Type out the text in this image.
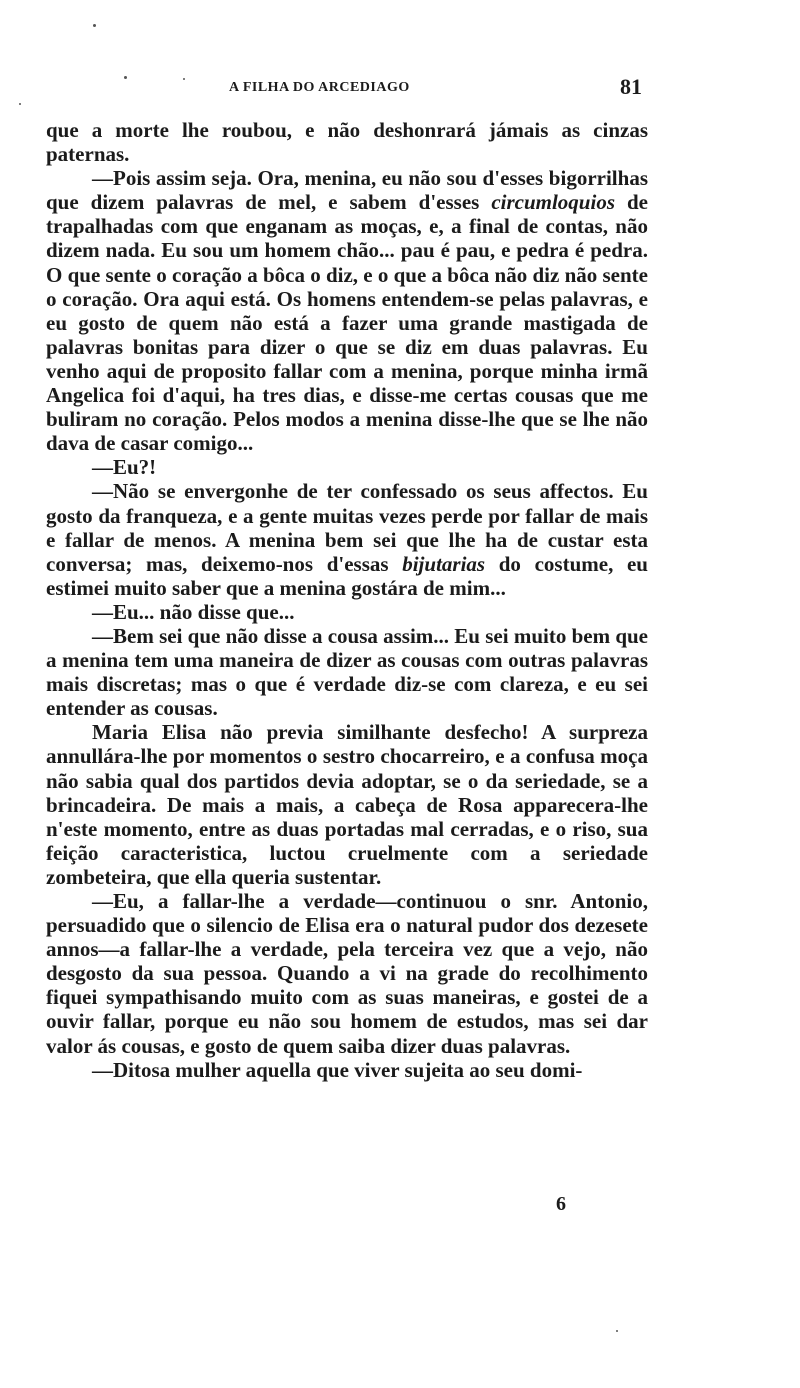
A FILHA DO ARCEDIAGO	81

que a morte lhe roubou, e não deshonrará jámais as cinzas paternas.

—Pois assim seja. Ora, menina, eu não sou d'esses bigorrilhas que dizem palavras de mel, e sabem d'esses circumloquios de trapalhadas com que enganam as moças, e, a final de contas, não dizem nada. Eu sou um homem chão... pau é pau, e pedra é pedra. O que sente o coração a bôca o diz, e o que a bôca não diz não sente o coração. Ora aqui está. Os homens entendem-se pelas palavras, e eu gosto de quem não está a fazer uma grande mastigada de palavras bonitas para dizer o que se diz em duas palavras. Eu venho aqui de proposito fallar com a menina, porque minha irmã Angelica foi d'aqui, ha tres dias, e disse-me certas cousas que me buliram no coração. Pelos modos a menina disse-lhe que se lhe não dava de casar comigo...

—Eu?!

—Não se envergonhe de ter confessado os seus affectos. Eu gosto da franqueza, e a gente muitas vezes perde por fallar de mais e fallar de menos. A menina bem sei que lhe ha de custar esta conversa; mas, deixemo-nos d'essas bijutarias do costume, eu estimei muito saber que a menina gostára de mim...

—Eu... não disse que...

—Bem sei que não disse a cousa assim... Eu sei muito bem que a menina tem uma maneira de dizer as cousas com outras palavras mais discretas; mas o que é verdade diz-se com clareza, e eu sei entender as cousas.

Maria Elisa não previa similhante desfecho! A surpreza annullára-lhe por momentos o sestro chocarreiro, e a confusa moça não sabia qual dos partidos devia adoptar, se o da seriedade, se a brincadeira. De mais a mais, a cabeça de Rosa apparecera-lhe n'este momento, entre as duas portadas mal cerradas, e o riso, sua feição caracteristica, luctou cruelmente com a seriedade zombeteira, que ella queria sustentar.

—Eu, a fallar-lhe a verdade—continuou o snr. Antonio, persuadido que o silencio de Elisa era o natural pudor dos dezesete annos—a fallar-lhe a verdade, pela terceira vez que a vejo, não desgosto da sua pessoa. Quando a vi na grade do recolhimento fiquei sympathisando muito com as suas maneiras, e gostei de a ouvir fallar, porque eu não sou homem de estudos, mas sei dar valor ás cousas, e gosto de quem saiba dizer duas palavras.

—Ditosa mulher aquella que viver sujeita ao seu domi-

6
